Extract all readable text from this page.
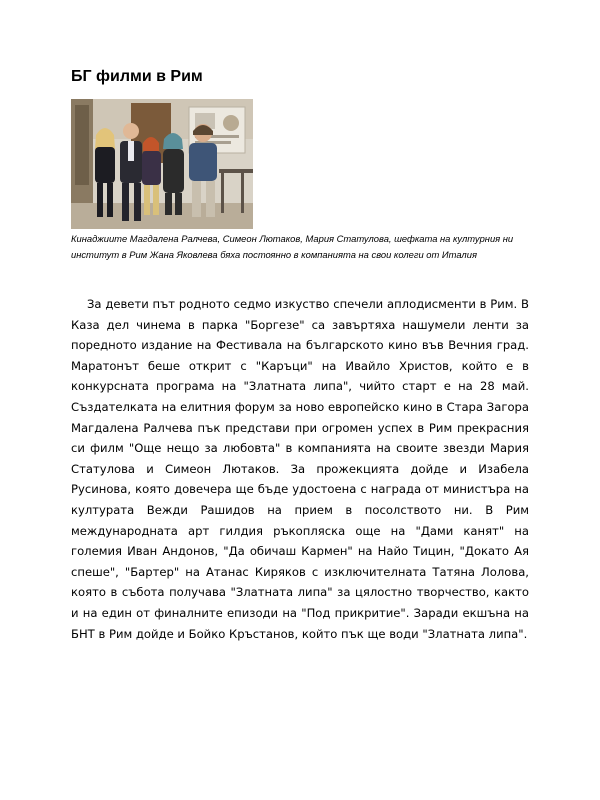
БГ филми в Рим

Кинаджиите Магдалена Ралчева, Симеон Лютаков, Мария Статулова, шефката на културния ни институт в Рим Жана Яковлева бяха постоянно в компанията на свои колеги от Италия

За девети път родното седмо изкуство спечели аплодисменти в Рим. В Каза дел чинема в парка "Боргезе" са завъртяха нашумели ленти за поредното издание на Фестивала на българското кино във Вечния град. Маратонът беше открит с "Каръци" на Ивайло Христов, който е в конкурсната програма на "Златната липа", чийто старт е на 28 май. Създателката на елитния форум за ново европейско кино в Стара Загора Магдалена Ралчева пък представи при огромен успех в Рим прекрасния си филм "Още нещо за любовта" в компанията на своите звезди Мария Статулова и Симеон Лютаков. За прожекцията дойде и Изабела Русинова, която довечера ще бъде удостоена с награда от министъра на културата Вежди Рашидов на прием в посолството ни. В Рим международната арт гилдия ръкопляска още на "Дами канят" на големия Иван Андонов, "Да обичаш Кармен" на Найо Тицин, "Докато Ая спеше", "Бартер" на Атанас Киряков с изключителната Татяна Лолова, която в събота получава "Златната липа" за цялостно творчество, както и на един от финалните епизоди на "Под прикритие". Заради екшъна на БНТ в Рим дойде и Бойко Кръстанов, който пък ще води "Златната липа".
